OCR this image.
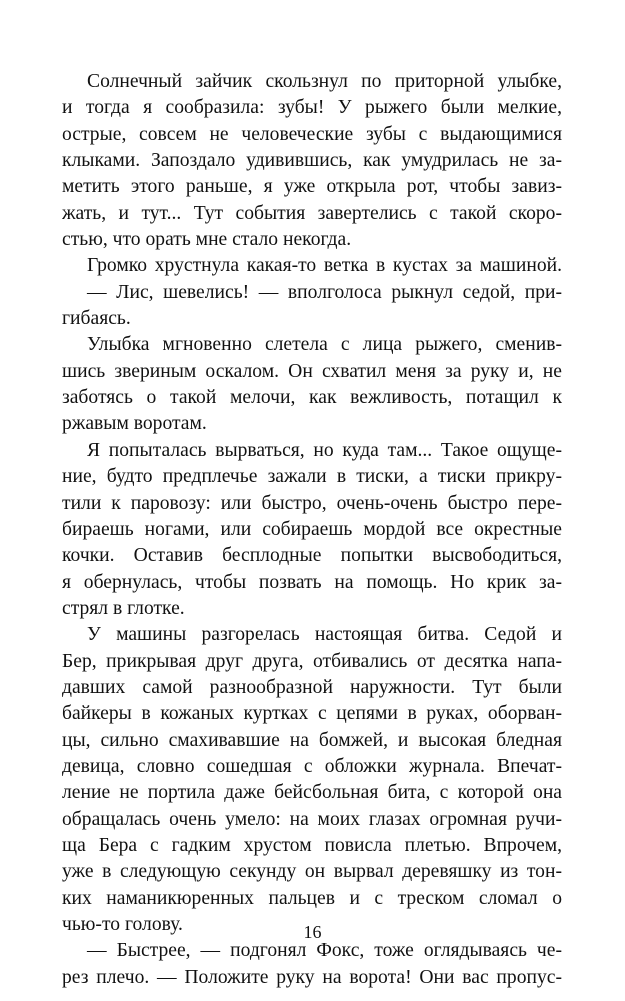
Солнечный зайчик скользнул по приторной улыбке,
и тогда я сообразила: зубы! У рыжего были мелкие,
острые, совсем не человеческие зубы с выдающимися
клыками. Запоздало удивившись, как умудрилась не за-
метить этого раньше, я уже открыла рот, чтобы завиз-
жать, и тут... Тут события завертелись с такой скоро-
стью, что орать мне стало некогда.
Громко хрустнула какая-то ветка в кустах за машиной.
— Лис, шевелись! — вполголоса рыкнул седой, при-
гибаясь.
Улыбка мгновенно слетела с лица рыжего, сменив-
шись звериным оскалом. Он схватил меня за руку и, не
заботясь о такой мелочи, как вежливость, потащил к
ржавым воротам.
Я попыталась вырваться, но куда там... Такое ощуще-
ние, будто предплечье зажали в тиски, а тиски прикру-
тили к паровозу: или быстро, очень-очень быстро пере-
бираешь ногами, или собираешь мордой все окрестные
кочки. Оставив бесплодные попытки высвободиться,
я обернулась, чтобы позвать на помощь. Но крик за-
стрял в глотке.
У машины разгорелась настоящая битва. Седой и
Бер, прикрывая друг друга, отбивались от десятка напа-
давших самой разнообразной наружности. Тут были
байкеры в кожаных куртках с цепями в руках, оборван-
цы, сильно смахивавшие на бомжей, и высокая бледная
девица, словно сошедшая с обложки журнала. Впечат-
ление не портила даже бейсбольная бита, с которой она
обращалась очень умело: на моих глазах огромная ручи-
ща Бера с гадким хрустом повисла плетью. Впрочем,
уже в следующую секунду он вырвал деревяшку из тон-
ких наманикюренных пальцев и с треском сломал о
чью-то голову.
— Быстрее, — подгонял Фокс, тоже оглядываясь че-
рез плечо. — Положите руку на ворота! Они вас пропус-
16
